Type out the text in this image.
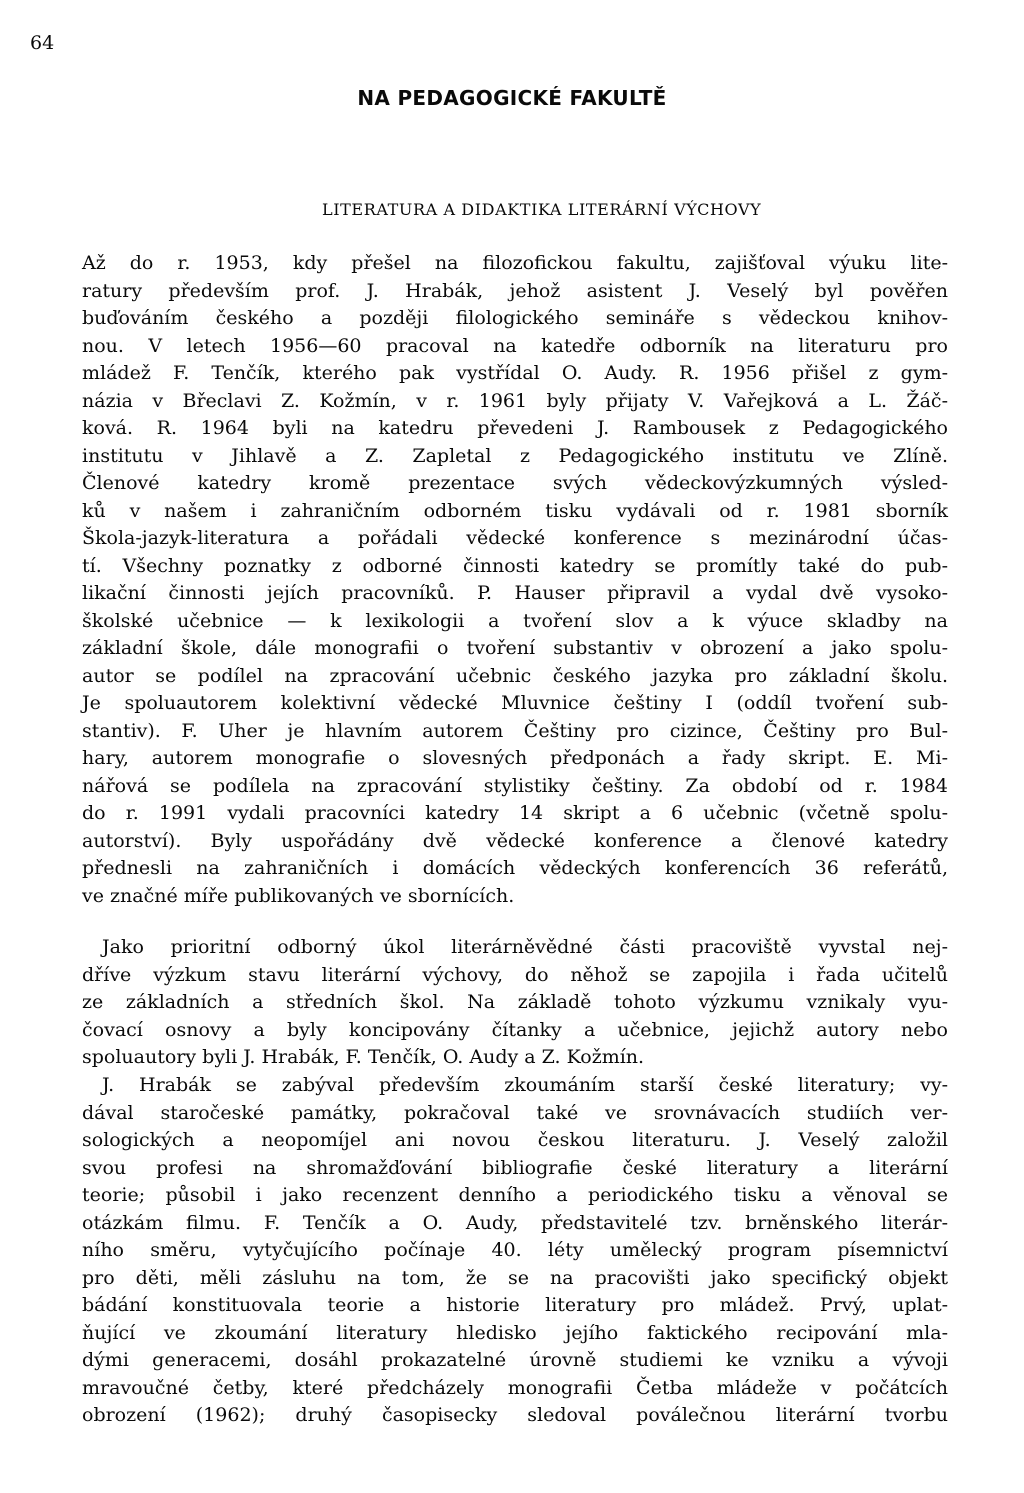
64
NA PEDAGOGICKÉ FAKULTĚ
LITERATURA A DIDAKTIKA LITERÁRNÍ VÝCHOVY
Až do r. 1953, kdy přešel na filozofickou fakultu, zajišťoval výuku lite-
ratury především prof. J. Hrabák, jehož asistent J. Veselý byl pověřen
buďováním českého a později filologického semináře s vědeckou knihov-
nou. V letech 1956—60 pracoval na katedře odborník na literaturu pro
mládež F. Tenčík, kterého pak vystřídal O. Audy. R. 1956 přišel z gym-
názia v Břeclavi Z. Kožmín, v r. 1961 byly přijaty V. Vařejková a L. Žáč-
ková. R. 1964 byli na katedru převedeni J. Rambousek z Pedagogického
institutu v Jihlavě a Z. Zapletal z Pedagogického institutu ve Zlíně.
Členové katedry kromě prezentace svých vědeckovýzkumných výsled-
ků v našem i zahraničním odborném tisku vydávali od r. 1981 sborník
Škola-jazyk-literatura a pořádali vědecké konference s mezinárodní účas-
tí. Všechny poznatky z odborné činnosti katedry se promítly také do pub-
likační činnosti jejích pracovníků. P. Hauser připravil a vydal dvě vysoko-
školské učebnice — k lexikologii a tvoření slov a k výuce skladby na
základní škole, dále monografii o tvoření substantiv v obrození a jako spolu-
autor se podílel na zpracování učebnic českého jazyka pro základní školu.
Je spoluautorem kolektivní vědecké Mluvnice češtiny I (oddíl tvoření sub-
stantiv). F. Uher je hlavním autorem Češtiny pro cizince, Češtiny pro Bul-
hary, autorem monografie o slovesných předponách a řady skript. E. Mi-
nářová se podílela na zpracování stylistiky češtiny. Za období od r. 1984
do r. 1991 vydali pracovníci katedry 14 skript a 6 učebnic (včetně spolu-
autorství). Byly uspořádány dvě vědecké konference a členové katedry
přednesli na zahraničních i domácích vědeckých konferencích 36 referátů,
ve značné míře publikovaných ve sbornících.
Jako prioritní odborný úkol literárněvědné části pracoviště vyvstal nej-
dříve výzkum stavu literární výchovy, do něhož se zapojila i řada učitelů
ze základních a středních škol. Na základě tohoto výzkumu vznikaly vyu-
čovací osnovy a byly koncipovány čítanky a učebnice, jejichž autory nebo
spoluautory byli J. Hrabák, F. Tenčík, O. Audy a Z. Kožmín.
J. Hrabák se zabýval především zkoumáním starší české literatury; vy-
dával staročeské památky, pokračoval také ve srovnávacích studiích ver-
sologických a neopomíjel ani novou českou literaturu. J. Veselý založil
svou profesi na shromažďování bibliografie české literatury a literární
teorie; působil i jako recenzent denního a periodického tisku a věnoval se
otázkám filmu. F. Tenčík a O. Audy, představitelé tzv. brněnského literár-
ního směru, vytyčujícího počínaje 40. léty umělecký program písemnictví
pro děti, měli zásluhu na tom, že se na pracovišti jako specifický objekt
bádání konstituovala teorie a historie literatury pro mládež. Prvý, uplat-
ňující ve zkoumání literatury hledisko jejího faktického recipování mla-
dými generacemi, dosáhl prokazatelné úrovně studiemi ke vzniku a vývoji
mravoučné četby, které předcházely monografii Četba mládeže v počátcích
obrození (1962); druhý časopisecky sledoval poválečnou literární tvorbu
